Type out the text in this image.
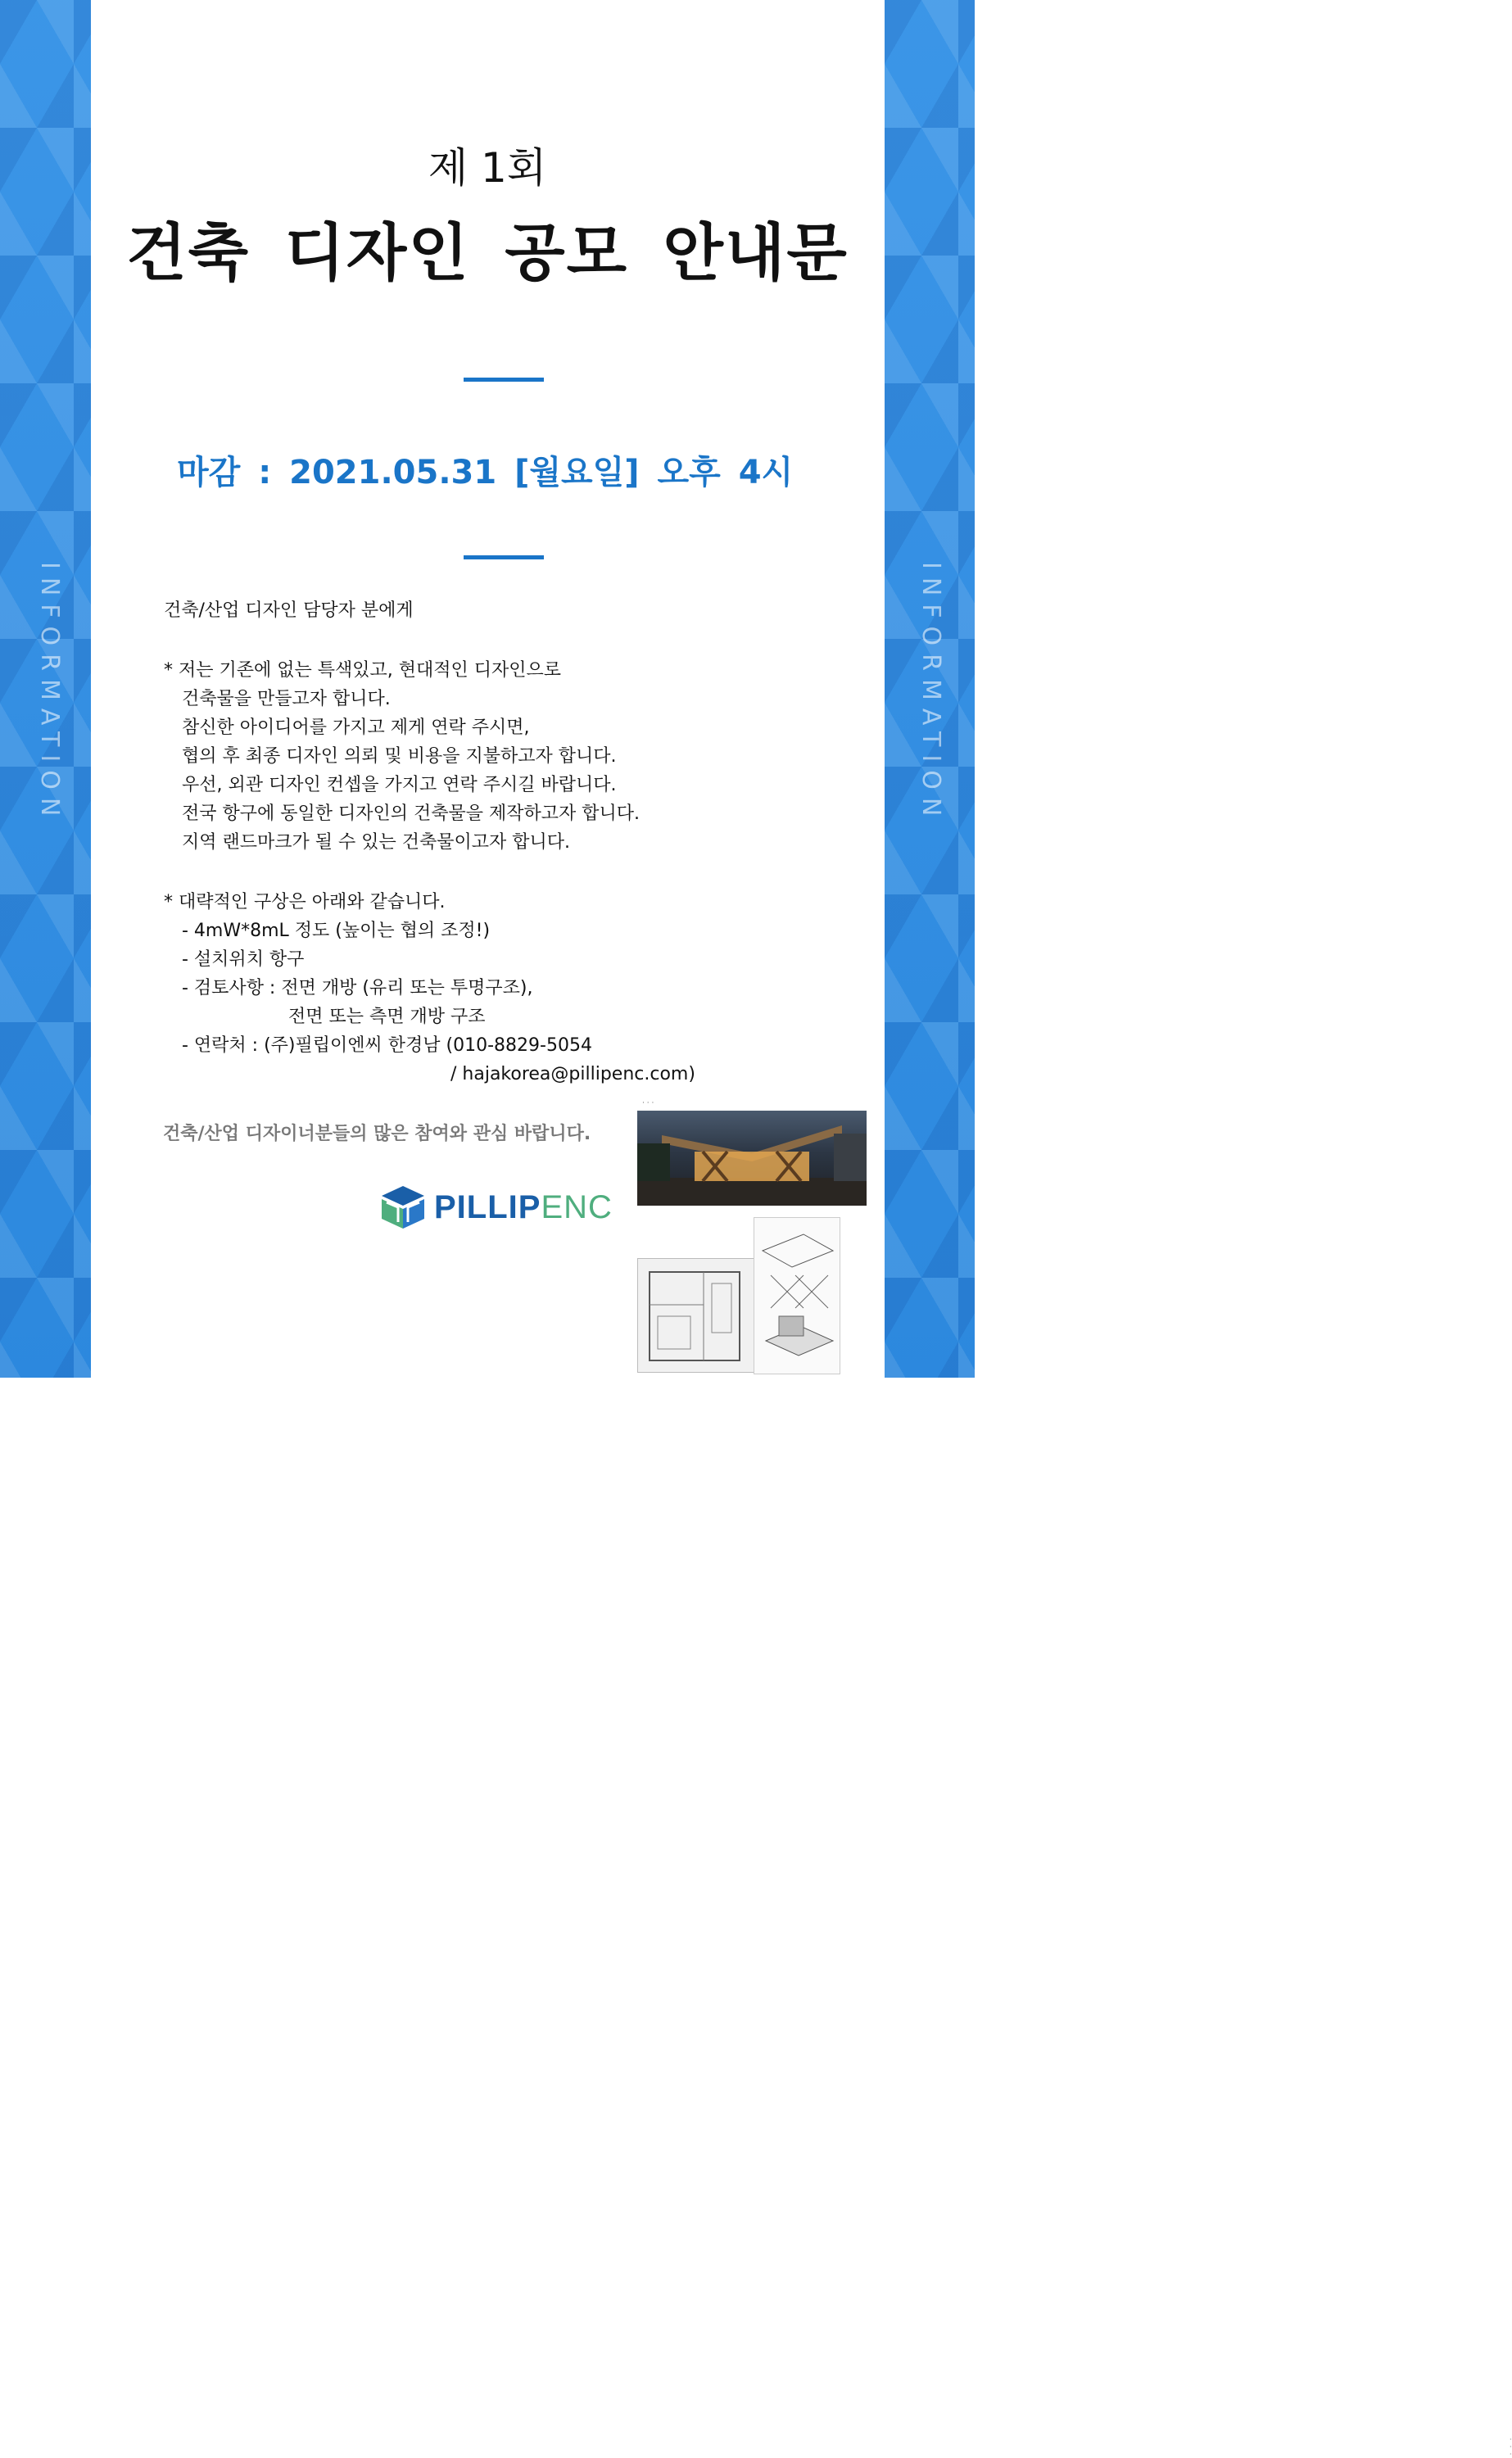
INFORMATION	INFORMATION
제 1회
건축 디자인 공모 안내문
마감 : 2021.05.31 [월요일] 오후 4시
건축/산업 디자인 담당자 분에게
* 저는 기존에 없는 특색있고, 현대적인 디자인으로
건축물을 만들고자 합니다.
참신한 아이디어를 가지고 제게 연락 주시면,
협의 후 최종 디자인 의뢰 및 비용을 지불하고자 합니다.
우선, 외관 디자인 컨셉을 가지고 연락 주시길 바랍니다.
전국 항구에 동일한 디자인의 건축물을 제작하고자 합니다.
지역 랜드마크가 될 수 있는 건축물이고자 합니다.
* 대략적인 구상은 아래와 같습니다.
- 4mW*8mL 정도 (높이는 협의 조정!)
- 설치위치 항구
- 검토사항 : 전면 개방 (유리 또는 투명구조),
전면 또는 측면 개방 구조
- 연락처 : (주)필립이엔씨 한경남 (010-8829-5054
/ hajakorea@pillipenc.com)
건축/산업 디자이너분들의 많은 참여와 관심 바랍니다.
PILLIPENC
· · ·
· · ·
